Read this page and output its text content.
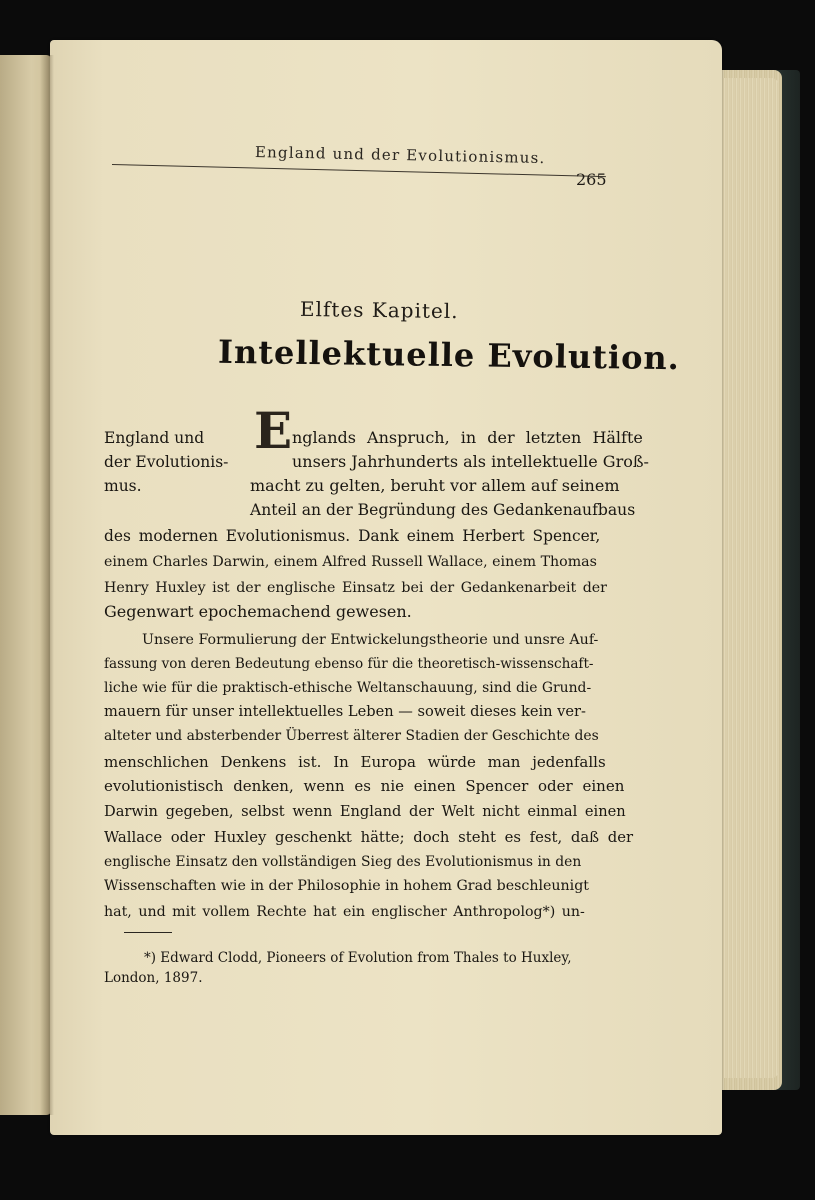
England und der Evolutionismus.
265
Elftes Kapitel.
Intellektuelle Evolution.
England und
der Evolutionis-
mus.
E nglands Anspruch, in der letzten Hälfte
unsers Jahrhunderts als intellektuelle Groß-
macht zu gelten, beruht vor allem auf seinem
Anteil an der Begründung des Gedankenaufbaus
des modernen Evolutionismus. Dank einem Herbert Spencer,
einem Charles Darwin, einem Alfred Russell Wallace, einem Thomas
Henry Huxley ist der englische Einsatz bei der Gedankenarbeit der
Gegenwart epochemachend gewesen.
Unsere Formulierung der Entwickelungstheorie und unsre Auf-
fassung von deren Bedeutung ebenso für die theoretisch-wissenschaft-
liche wie für die praktisch-ethische Weltanschauung, sind die Grund-
mauern für unser intellektuelles Leben — soweit dieses kein ver-
alteter und absterbender Überrest älterer Stadien der Geschichte des
menschlichen Denkens ist. In Europa würde man jedenfalls
evolutionistisch denken, wenn es nie einen Spencer oder einen
Darwin gegeben, selbst wenn England der Welt nicht einmal einen
Wallace oder Huxley geschenkt hätte; doch steht es fest, daß der
englische Einsatz den vollständigen Sieg des Evolutionismus in den
Wissenschaften wie in der Philosophie in hohem Grad beschleunigt
hat, und mit vollem Rechte hat ein englischer Anthropolog*) un-
*) Edward Clodd, Pioneers of Evolution from Thales to Huxley,
London, 1897.
